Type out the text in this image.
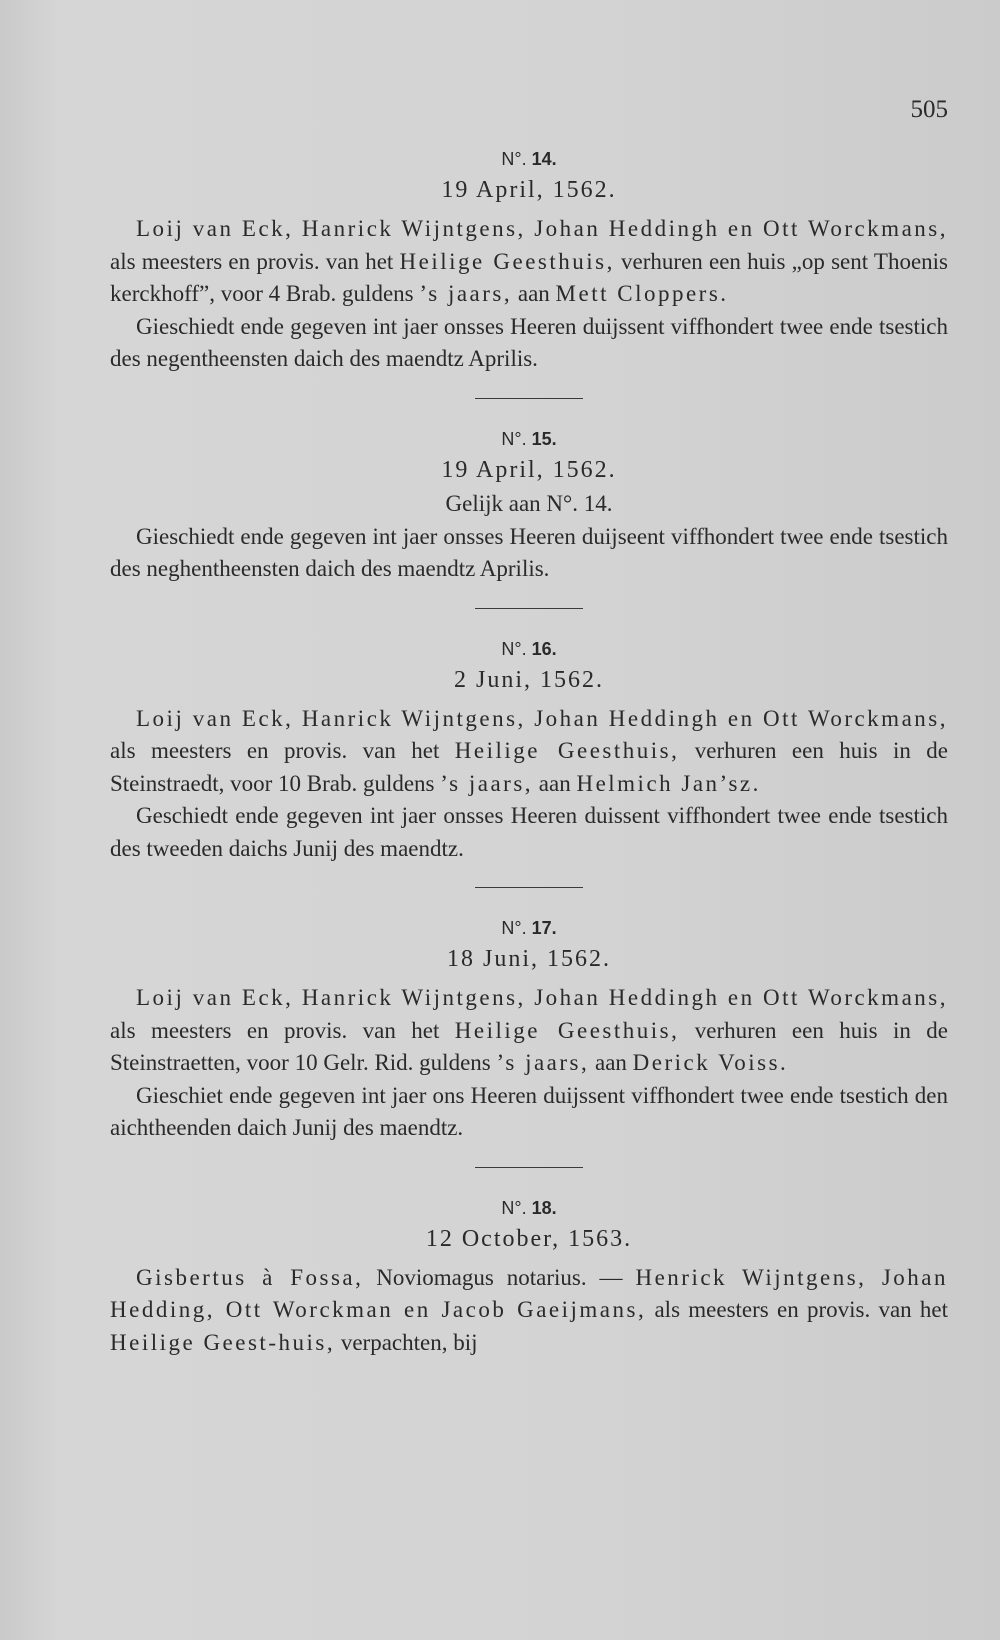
505
N°. 14.
19 April, 1562.

Loij van Eck, Hanrick Wijntgens, Johan Heddingh en Ott Worckmans, als meesters en provis. van het Heilige Geesthuis, verhuren een huis „op sent Thoenis kerckhoff”, voor 4 Brab. guldens ’s jaars, aan Mett Cloppers.

Gieschiedt ende gegeven int jaer onsses Heeren duijssent viffhondert twee ende tsestich des negentheensten daich des maendtz Aprilis.

N°. 15.
19 April, 1562.
Gelijk aan N°. 14.

Gieschiedt ende gegeven int jaer onsses Heeren duijseent viffhondert twee ende tsestich des neghentheensten daich des maendtz Aprilis.

N°. 16.
2 Juni, 1562.

Loij van Eck, Hanrick Wijntgens, Johan Heddingh en Ott Worckmans, als meesters en provis. van het Heilige Geesthuis, verhuren een huis in de Steinstraedt, voor 10 Brab. guldens ’s jaars, aan Helmich Jan’sz.

Geschiedt ende gegeven int jaer onsses Heeren duissent viffhondert twee ende tsestich des tweeden daichs Junij des maendtz.

N°. 17.
18 Juni, 1562.

Loij van Eck, Hanrick Wijntgens, Johan Heddingh en Ott Worckmans, als meesters en provis. van het Heilige Geesthuis, verhuren een huis in de Steinstraetten, voor 10 Gelr. Rid. guldens ’s jaars, aan Derick Voiss.

Gieschiet ende gegeven int jaer ons Heeren duijssent viffhondert twee ende tsestich den aichtheenden daich Junij des maendtz.

N°. 18.
12 October, 1563.

Gisbertus à Fossa, Noviomagus notarius. — Henrick Wijntgens, Johan Hedding, Ott Worckman en Jacob Gaeijmans, als meesters en provis. van het Heilige Geest-huis, verpachten, bij
